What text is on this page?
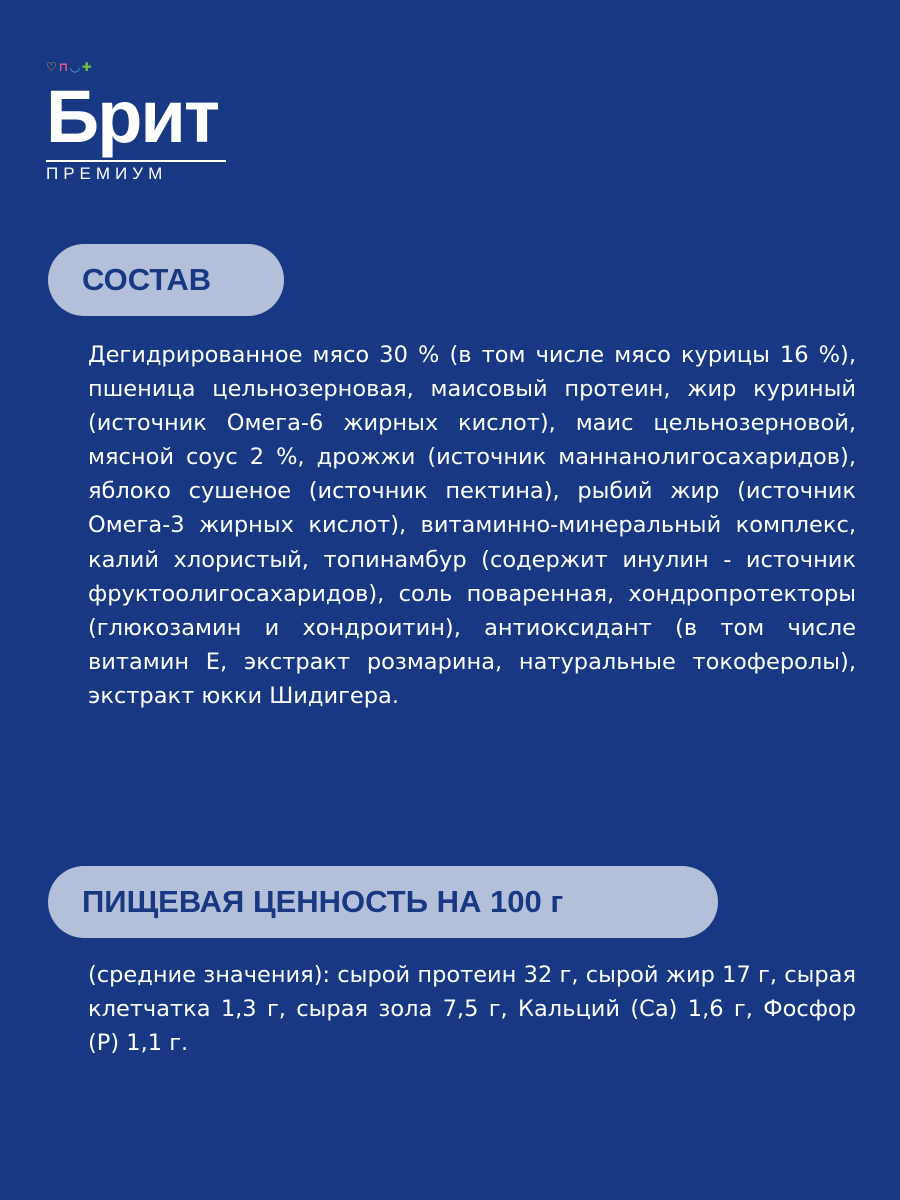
♡ ⊓ ◡ ✚
Брит
ПРЕМИУМ
СОСТАВ
Дегидрированное мясо 30 % (в том числе мясо курицы 16 %), пшеница цельнозерновая, маисовый протеин, жир куриный (источник Омега-6 жирных кислот), маис цельнозерновой, мясной соус 2 %, дрожжи (источник маннанолигосахаридов), яблоко сушеное (источник пектина), рыбий жир (источник Омега-3 жирных кислот), витаминно-минеральный комплекс, калий хлористый, топинамбур (содержит инулин - источник фруктоолигосахаридов), соль поваренная, хондропротекторы (глюкозамин и хондроитин), антиоксидант (в том числе витамин Е, экстракт розмарина, натуральные токоферолы), экстракт юкки Шидигера.
ПИЩЕВАЯ ЦЕННОСТЬ НА 100 г
(средние значения): сырой протеин 32 г, сырой жир 17 г, сырая клетчатка 1,3 г, сырая зола 7,5 г, Кальций (Са) 1,6 г, Фосфор (Р) 1,1 г.
